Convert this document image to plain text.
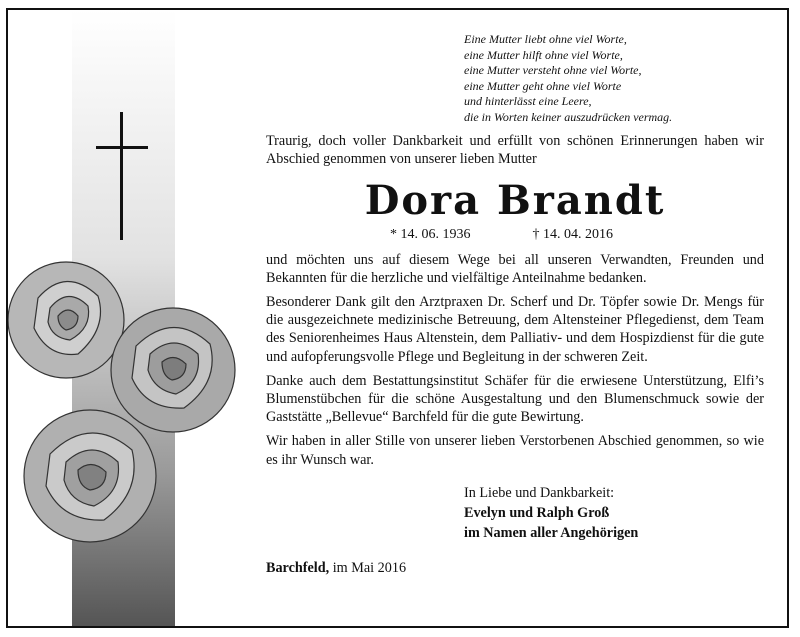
Eine Mutter liebt ohne viel Worte,
eine Mutter hilft ohne viel Worte,
eine Mutter versteht ohne viel Worte,
eine Mutter geht ohne viel Worte
und hinterlässt eine Leere,
die in Worten keiner auszudrücken vermag.

Traurig, doch voller Dankbarkeit und erfüllt von schönen Erinnerungen haben wir Abschied genommen von unserer lieben Mutter

Dora Brandt
* 14. 06. 1936	† 14. 04. 2016

und möchten uns auf diesem Wege bei all unseren Verwandten, Freunden und Bekannten für die herzliche und vielfältige Anteilnahme bedanken.

Besonderer Dank gilt den Arztpraxen Dr. Scherf und Dr. Töpfer sowie Dr. Mengs für die ausgezeichnete medizinische Betreuung, dem Altensteiner Pflegedienst, dem Team des Seniorenheimes Haus Altenstein, dem Palliativ- und dem Hospizdienst für die gute und aufopferungsvolle Pflege und Begleitung in der schweren Zeit.

Danke auch dem Bestattungsinstitut Schäfer für die erwiesene Unterstützung, Elfi’s Blumenstübchen für die schöne Ausgestaltung und den Blumenschmuck sowie der Gaststätte „Bellevue“ Barchfeld für die gute Bewirtung.

Wir haben in aller Stille von unserer lieben Verstorbenen Abschied genommen, so wie es ihr Wunsch war.

In Liebe und Dankbarkeit:
Evelyn und Ralph Groß
im Namen aller Angehörigen
Barchfeld, im Mai 2016
